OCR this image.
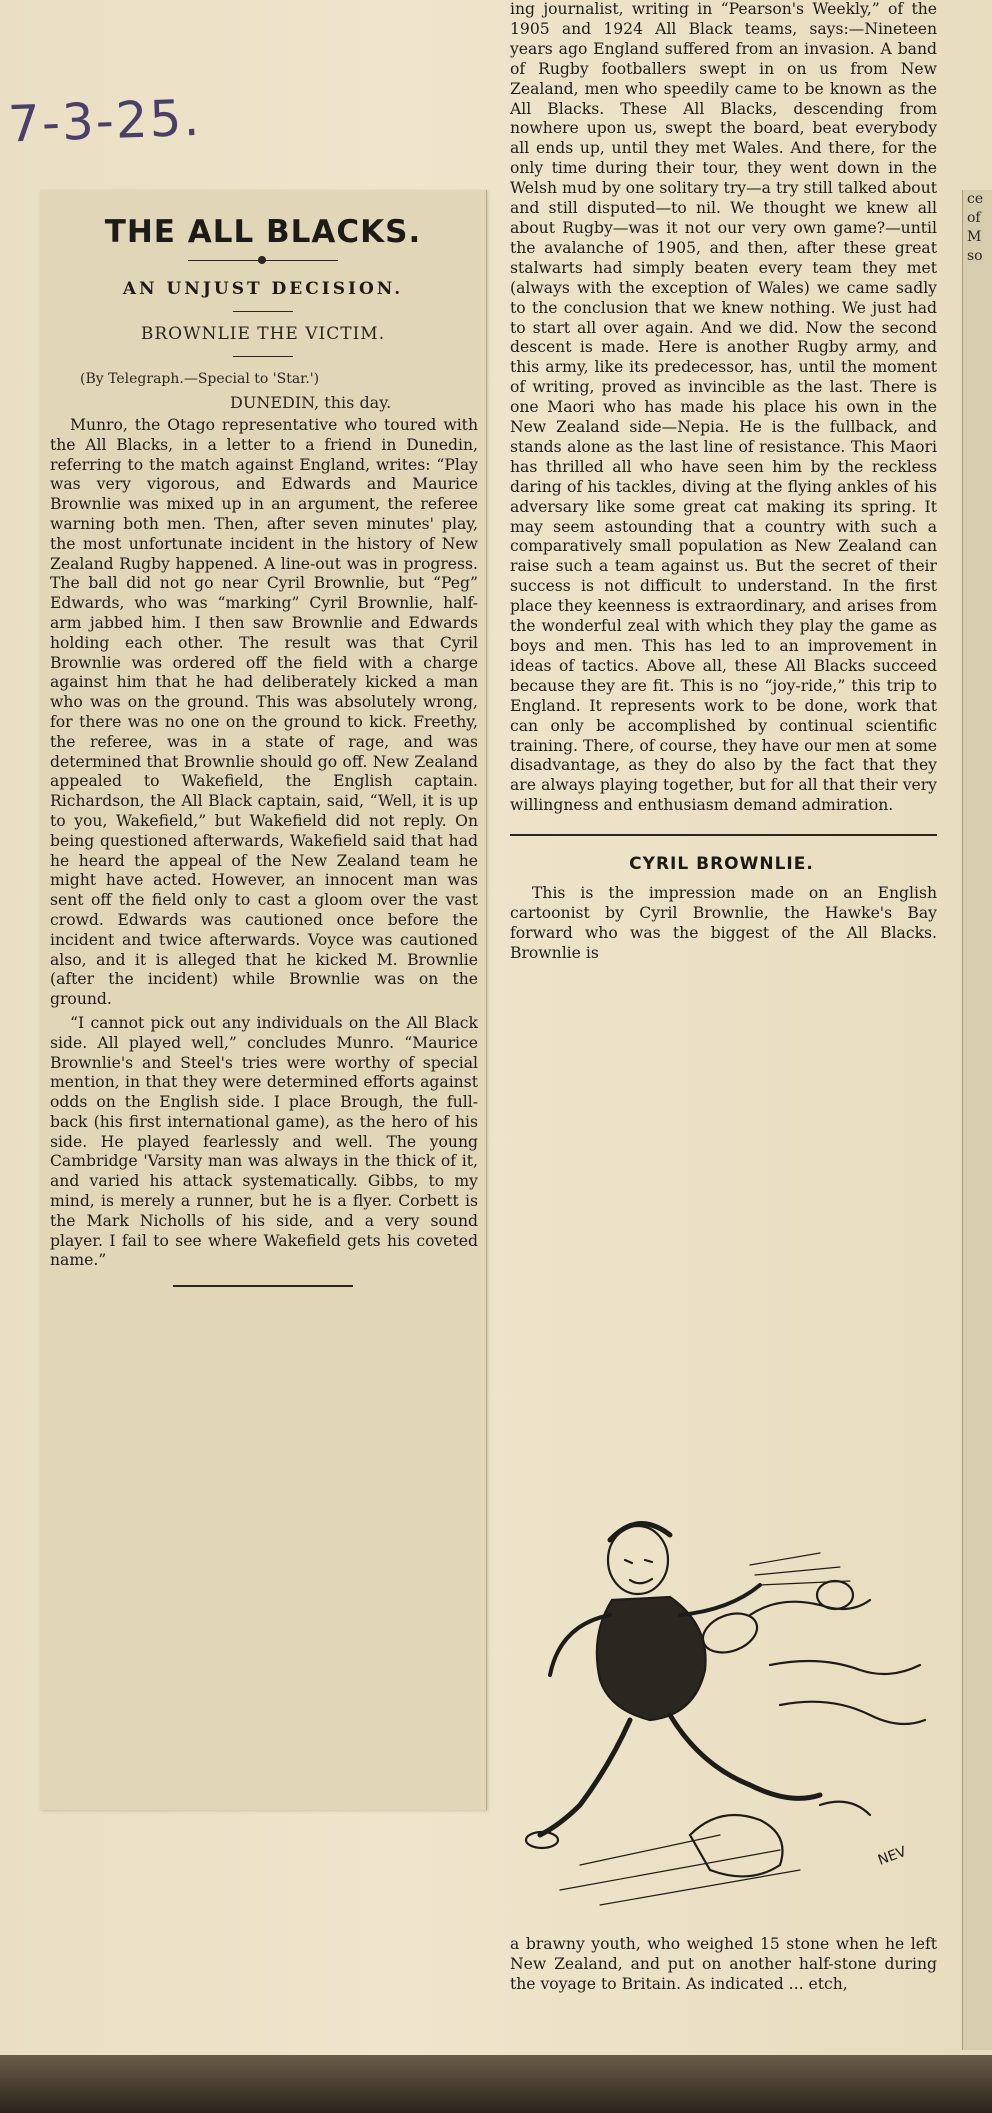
7-3-25.
THE ALL BLACKS.
AN UNJUST DECISION.
BROWNLIE THE VICTIM.
(By Telegraph.—Special to 'Star.')
DUNEDIN, this day.

Munro, the Otago representative who toured with the All Blacks, in a letter to a friend in Dunedin, referring to the match against England, writes: “Play was very vigorous, and Edwards and Maurice Brownlie was mixed up in an argument, the referee warning both men. Then, after seven minutes' play, the most unfortunate incident in the history of New Zealand Rugby happened. A line-out was in progress. The ball did not go near Cyril Brownlie, but “Peg” Edwards, who was “marking” Cyril Brownlie, half-arm jabbed him. I then saw Brownlie and Edwards holding each other. The result was that Cyril Brownlie was ordered off the field with a charge against him that he had deliberately kicked a man who was on the ground. This was absolutely wrong, for there was no one on the ground to kick. Freethy, the referee, was in a state of rage, and was determined that Brownlie should go off. New Zealand appealed to Wakefield, the English captain. Richardson, the All Black captain, said, “Well, it is up to you, Wakefield,” but Wakefield did not reply. On being questioned afterwards, Wakefield said that had he heard the appeal of the New Zealand team he might have acted. However, an innocent man was sent off the field only to cast a gloom over the vast crowd. Edwards was cautioned once before the incident and twice afterwards. Voyce was cautioned also, and it is alleged that he kicked M. Brownlie (after the incident) while Brownlie was on the ground.

“I cannot pick out any individuals on the All Black side. All played well,” concludes Munro. “Maurice Brownlie's and Steel's tries were worthy of special mention, in that they were determined efforts against odds on the English side. I place Brough, the full-back (his first international game), as the hero of his side. He played fearlessly and well. The young Cambridge 'Varsity man was always in the thick of it, and varied his attack systematically. Gibbs, to my mind, is merely a runner, but he is a flyer. Corbett is the Mark Nicholls of his side, and a very sound player. I fail to see where Wakefield gets his coveted name.”

ing journalist, writing in “Pearson's Weekly,” of the 1905 and 1924 All Black teams, says:—Nineteen years ago England suffered from an invasion. A band of Rugby footballers swept in on us from New Zealand, men who speedily came to be known as the All Blacks. These All Blacks, descending from nowhere upon us, swept the board, beat everybody all ends up, until they met Wales. And there, for the only time during their tour, they went down in the Welsh mud by one solitary try—a try still talked about and still disputed—to nil. We thought we knew all about Rugby—was it not our very own game?—until the avalanche of 1905, and then, after these great stalwarts had simply beaten every team they met (always with the exception of Wales) we came sadly to the conclusion that we knew nothing. We just had to start all over again. And we did. Now the second descent is made. Here is another Rugby army, and this army, like its predecessor, has, until the moment of writing, proved as invincible as the last. There is one Maori who has made his place his own in the New Zealand side—Nepia. He is the fullback, and stands alone as the last line of resistance. This Maori has thrilled all who have seen him by the reckless daring of his tackles, diving at the flying ankles of his adversary like some great cat making its spring. It may seem astounding that a country with such a comparatively small population as New Zealand can raise such a team against us. But the secret of their success is not difficult to understand. In the first place they keenness is extraordinary, and arises from the wonderful zeal with which they play the game as boys and men. This has led to an improvement in ideas of tactics. Above all, these All Blacks succeed because they are fit. This is no “joy-ride,” this trip to England. It represents work to be done, work that can only be accomplished by continual scientific training. There, of course, they have our men at some disadvantage, as they do also by the fact that they are always playing together, but for all that their very willingness and enthusiasm demand admiration.

CYRIL BROWNLIE.

This is the impression made on an English cartoonist by Cyril Brownlie, the Hawke's Bay forward who was the biggest of the All Blacks. Brownlie is

NEV

a brawny youth, who weighed 15 stone when he left New Zealand, and put on another half-stone during the voyage to Britain. As indicated ... etch,

ce
of
M
so
